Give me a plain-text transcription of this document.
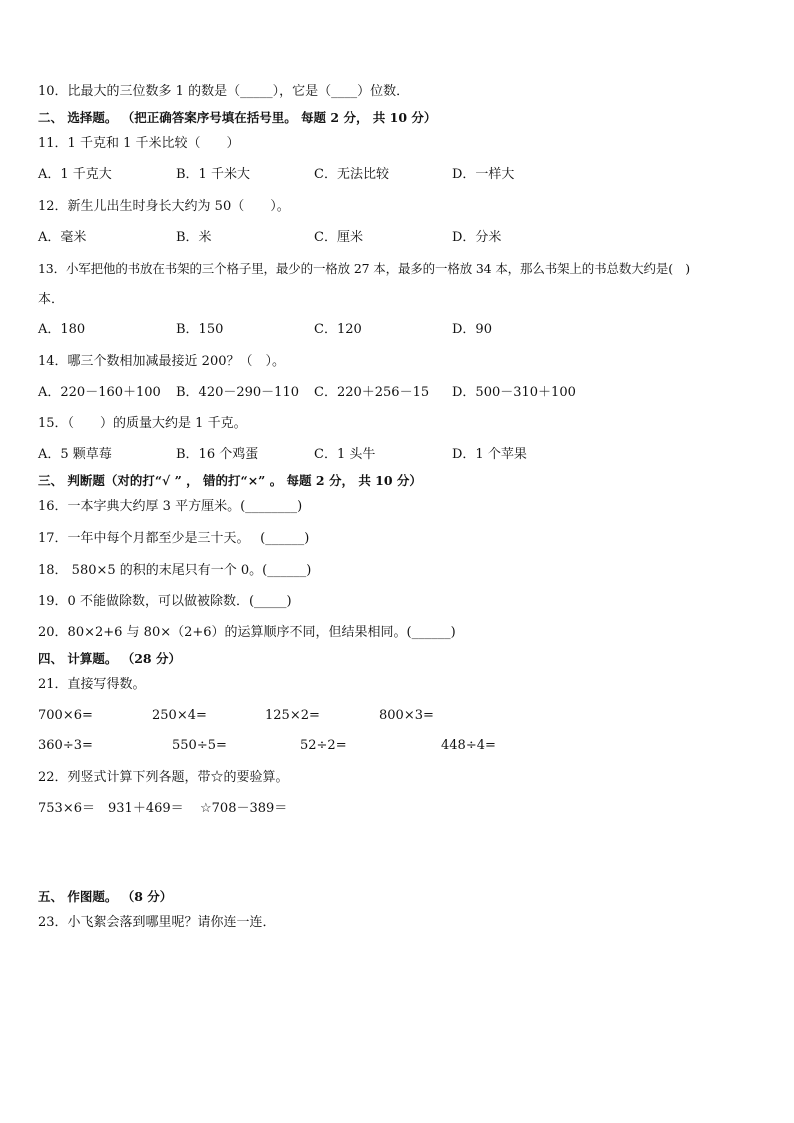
10．比最大的三位数多 1 的数是（_____），它是（____）位数．
二、 选择题。 （把正确答案序号填在括号里。 每题 2 分， 共 10 分）
11．1 千克和 1 千米比较（　　）
A．1 千克大	B．1 千米大	C．无法比较	D．一样大
12．新生儿出生时身长大约为 50（　　）。
A．毫米	B．米	C．厘米	D．分米
13．小军把他的书放在书架的三个格子里，最少的一格放 27 本，最多的一格放 34 本，那么书架上的书总数大约是(　)
本．
A．180	B．150	C．120	D．90
14．哪三个数相加减最接近 200？（　）。
A．220－160＋100 B．420－290－110 C．220＋256－15 D．500－310＋100
15．（　　）的质量大约是 1 千克。
A．5 颗草莓	B．16 个鸡蛋	C．1 头牛	D．1 个苹果
三、 判断题（对的打“√ ” ， 错的打“×” 。 每题 2 分， 共 10 分）
16．一本字典大约厚 3 平方厘米。(________)
17．一年中每个月都至少是三十天。　 (______)
18． 580×5 的积的末尾只有一个 0。(______)
19．0 不能做除数，可以做被除数．(_____)
20．80×2+6 与 80×（2+6）的运算顺序不同，但结果相同。(______)
四、 计算题。 （28 分）
21．直接写得数。
700×6=	250×4=	125×2=	800×3=
360÷3=	550÷5=	52÷2=	448÷4=
22．列竖式计算下列各题，带☆的要验算。
753×6＝ 931＋469＝ ☆708－389＝
五、 作图题。 （8 分）
23．小飞絮会落到哪里呢？请你连一连．
